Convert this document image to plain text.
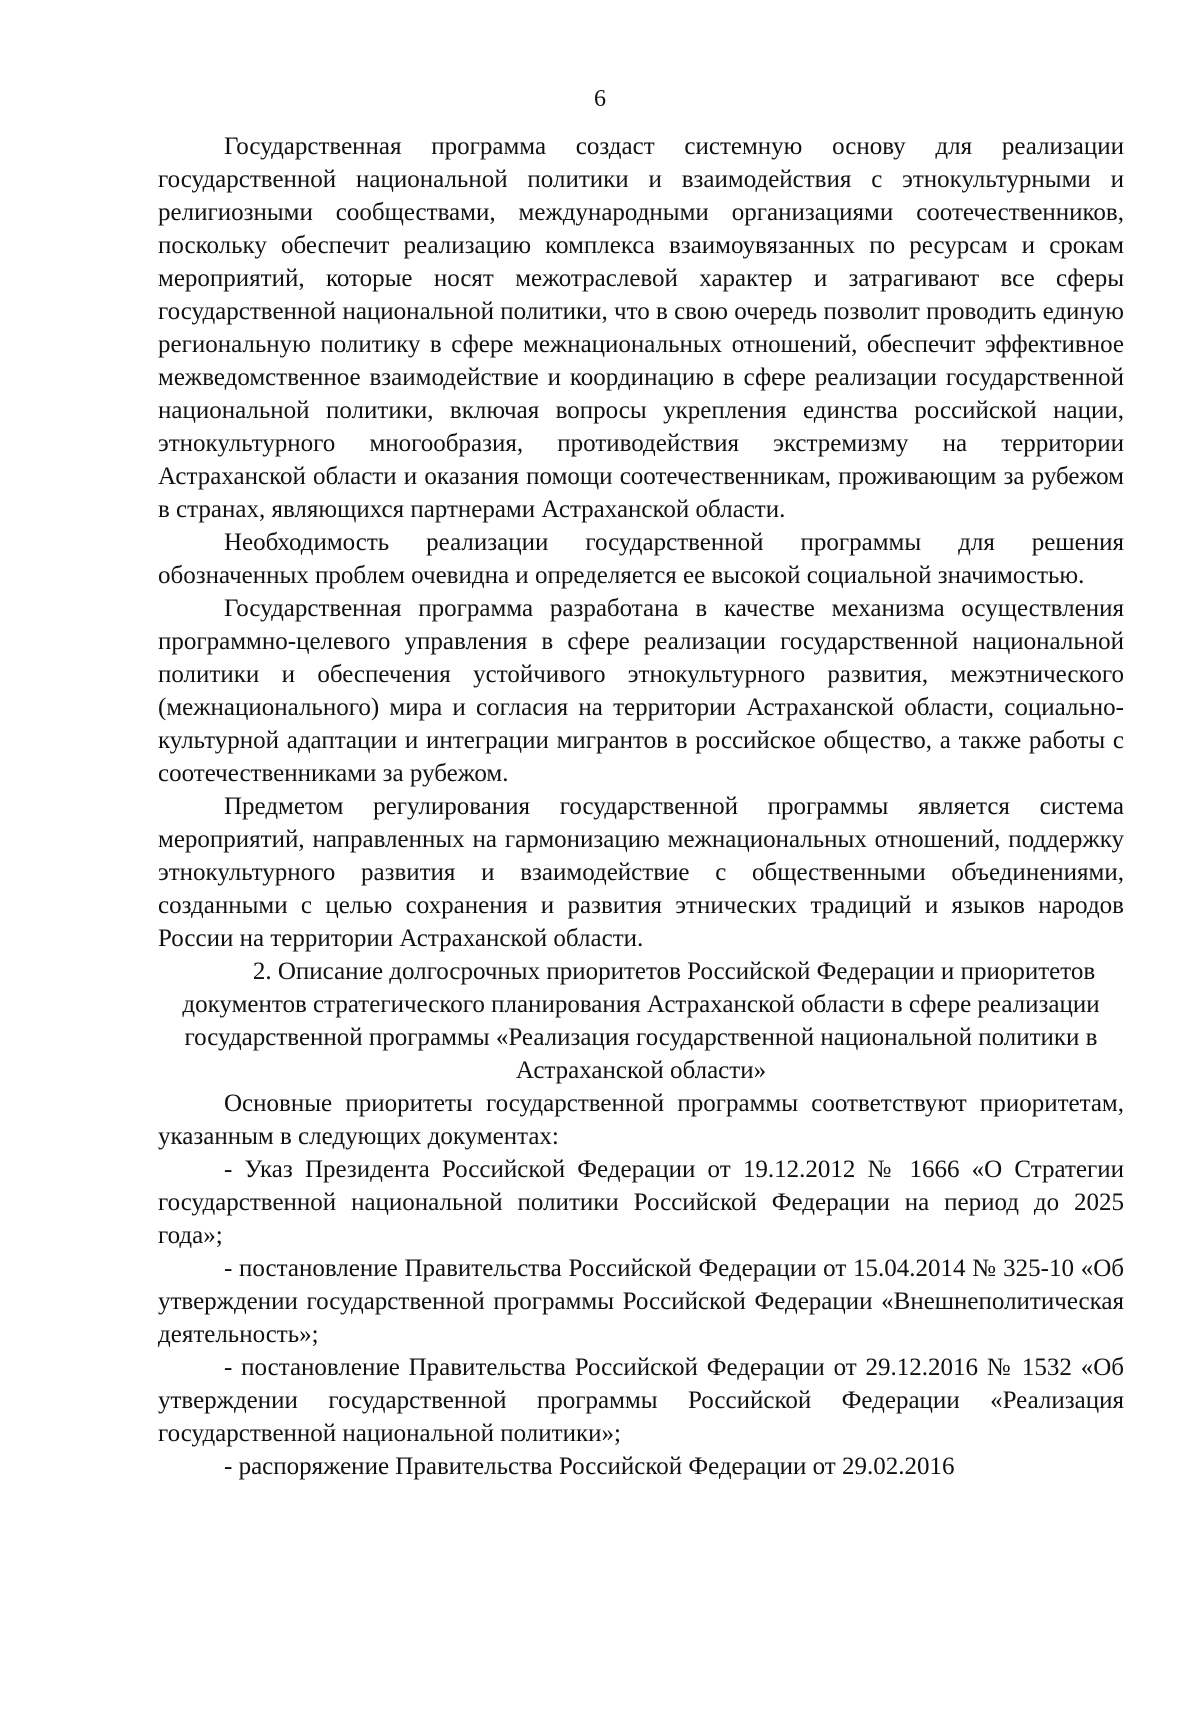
6

Государственная программа создаст системную основу для реализации государственной национальной политики и взаимодействия с этнокультурными и религиозными сообществами, международными организациями соотечественников, поскольку обеспечит реализацию комплекса взаимоувязанных по ресурсам и срокам мероприятий, которые носят межотраслевой характер и затрагивают все сферы государственной национальной политики, что в свою очередь позволит проводить единую региональную политику в сфере межнациональных отношений, обеспечит эффективное межведомственное взаимодействие и координацию в сфере реализации государственной национальной политики, включая вопросы укрепления единства российской нации, этнокультурного многообразия, противодействия экстремизму на территории Астраханской области и оказания помощи соотечественникам, проживающим за рубежом в странах, являющихся партнерами Астраханской области.

Необходимость реализации государственной программы для решения обозначенных проблем очевидна и определяется ее высокой социальной значимостью.

Государственная программа разработана в качестве механизма осуществления программно-целевого управления в сфере реализации государственной национальной политики и обеспечения устойчивого этнокультурного развития, межэтнического (межнационального) мира и согласия на территории Астраханской области, социально-культурной адаптации и интеграции мигрантов в российское общество, а также работы с соотечественниками за рубежом.

Предметом регулирования государственной программы является система мероприятий, направленных на гармонизацию межнациональных отношений, поддержку этнокультурного развития и взаимодействие с общественными объединениями, созданными с целью сохранения и развития этнических традиций и языков народов России на территории Астраханской области.

2. Описание долгосрочных приоритетов Российской Федерации и приоритетов документов стратегического планирования Астраханской области в сфере реализации государственной программы «Реализация государственной национальной политики в Астраханской области»

Основные приоритеты государственной программы соответствуют приоритетам, указанным в следующих документах:

- Указ Президента Российской Федерации от 19.12.2012 № 1666 «О Стратегии государственной национальной политики Российской Федерации на период до 2025 года»;

- постановление Правительства Российской Федерации от 15.04.2014 № 325-10 «Об утверждении государственной программы Российской Федерации «Внешнеполитическая деятельность»;

- постановление Правительства Российской Федерации от 29.12.2016 № 1532 «Об утверждении государственной программы Российской Федерации «Реализация государственной национальной политики»;

- распоряжение Правительства Российской Федерации от 29.02.2016
